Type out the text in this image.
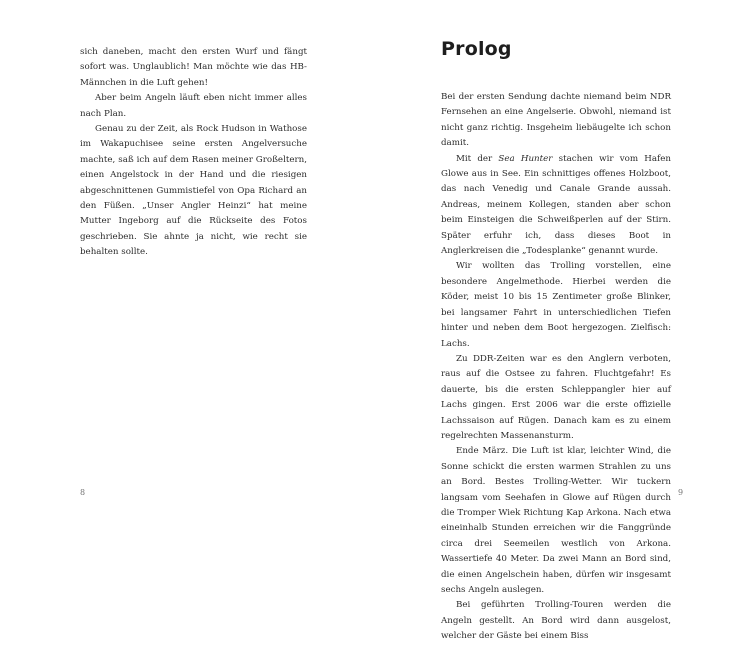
sich daneben, macht den ersten Wurf und fängt sofort was. Unglaublich! Man möchte wie das HB-Männchen in die Luft gehen!

Aber beim Angeln läuft eben nicht immer alles nach Plan.

Genau zu der Zeit, als Rock Hudson in Wathose im Wakapuchisee seine ersten Angelversuche machte, saß ich auf dem Rasen meiner Großeltern, einen Angelstock in der Hand und die riesigen abgeschnittenen Gummistiefel von Opa Richard an den Füßen. „Unser Angler Heinzi“ hat meine Mutter Ingeborg auf die Rückseite des Fotos geschrieben. Sie ahnte ja nicht, wie recht sie behalten sollte.

8
Prolog

Bei der ersten Sendung dachte niemand beim NDR Fernsehen an eine Angelserie. Obwohl, niemand ist nicht ganz richtig. Insgeheim liebäugelte ich schon damit.

Mit der Sea Hunter stachen wir vom Hafen Glowe aus in See. Ein schnittiges offenes Holzboot, das nach Venedig und Canale Grande aussah. Andreas, meinem Kollegen, standen aber schon beim Einsteigen die Schweißperlen auf der Stirn. Später erfuhr ich, dass dieses Boot in Anglerkreisen die „Todesplanke“ genannt wurde.

Wir wollten das Trolling vorstellen, eine besondere Angelmethode. Hierbei werden die Köder, meist 10 bis 15 Zentimeter große Blinker, bei langsamer Fahrt in unterschiedlichen Tiefen hinter und neben dem Boot hergezogen. Zielfisch: Lachs.

Zu DDR-Zeiten war es den Anglern verboten, raus auf die Ostsee zu fahren. Fluchtgefahr! Es dauerte, bis die ersten Schleppangler hier auf Lachs gingen. Erst 2006 war die erste offizielle Lachssaison auf Rügen. Danach kam es zu einem regelrechten Massenansturm.

Ende März. Die Luft ist klar, leichter Wind, die Sonne schickt die ersten warmen Strahlen zu uns an Bord. Bestes Trolling-Wetter. Wir tuckern langsam vom Seehafen in Glowe auf Rügen durch die Tromper Wiek Richtung Kap Arkona. Nach etwa eineinhalb Stunden erreichen wir die Fanggründe circa drei Seemeilen westlich von Arkona. Wassertiefe 40 Meter. Da zwei Mann an Bord sind, die einen Angelschein haben, dürfen wir insgesamt sechs Angeln auslegen.

Bei geführten Trolling-Touren werden die Angeln gestellt. An Bord wird dann ausgelost, welcher der Gäste bei einem Biss

9
